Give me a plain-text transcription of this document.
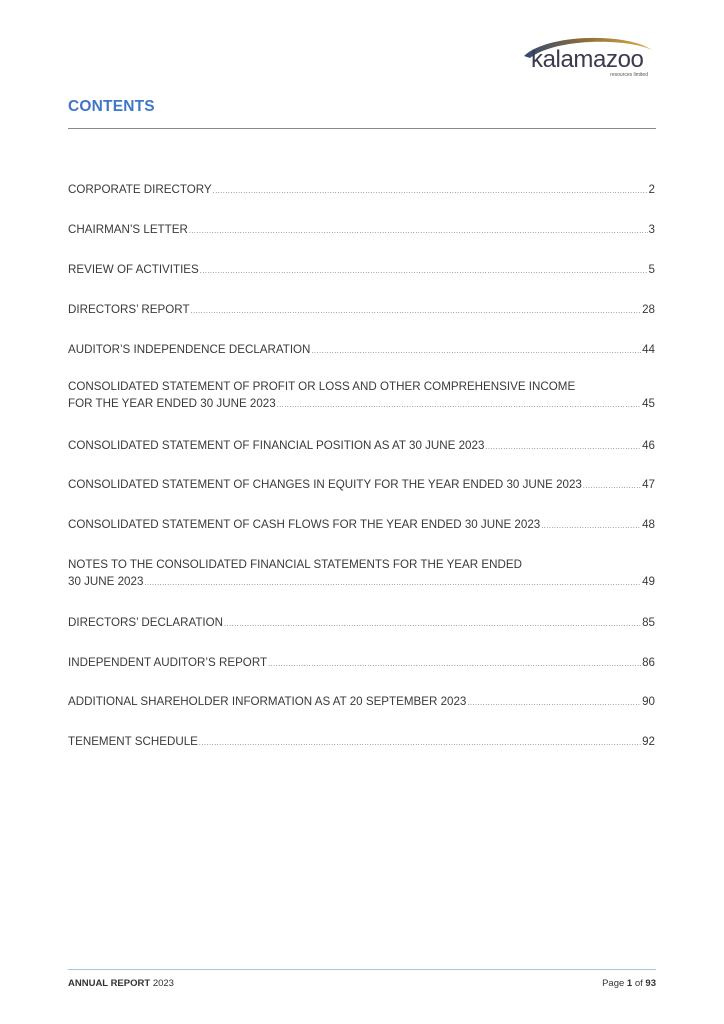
kalamazoo
resources limited
CONTENTS
CORPORATE DIRECTORY .....	2
CHAIRMAN’S LETTER .....	3
REVIEW OF ACTIVITIES .....	5
DIRECTORS’ REPORT .....	28
AUDITOR’S INDEPENDENCE DECLARATION .....	44
CONSOLIDATED STATEMENT OF PROFIT OR LOSS AND OTHER COMPREHENSIVE INCOME
FOR THE YEAR ENDED 30 JUNE 2023 .....	45
CONSOLIDATED STATEMENT OF FINANCIAL POSITION AS AT 30 JUNE 2023 .....	46
CONSOLIDATED STATEMENT OF CHANGES IN EQUITY FOR THE YEAR ENDED 30 JUNE 2023 .....	47
CONSOLIDATED STATEMENT OF CASH FLOWS FOR THE YEAR ENDED 30 JUNE 2023 .....	48
NOTES TO THE CONSOLIDATED FINANCIAL STATEMENTS FOR THE YEAR ENDED
30 JUNE 2023 .....	49
DIRECTORS’ DECLARATION .....	85
INDEPENDENT AUDITOR’S REPORT .....	86
ADDITIONAL SHAREHOLDER INFORMATION AS AT 20 SEPTEMBER 2023 .....	90
TENEMENT SCHEDULE .....	92
ANNUAL REPORT 2023	Page 1 of 93
